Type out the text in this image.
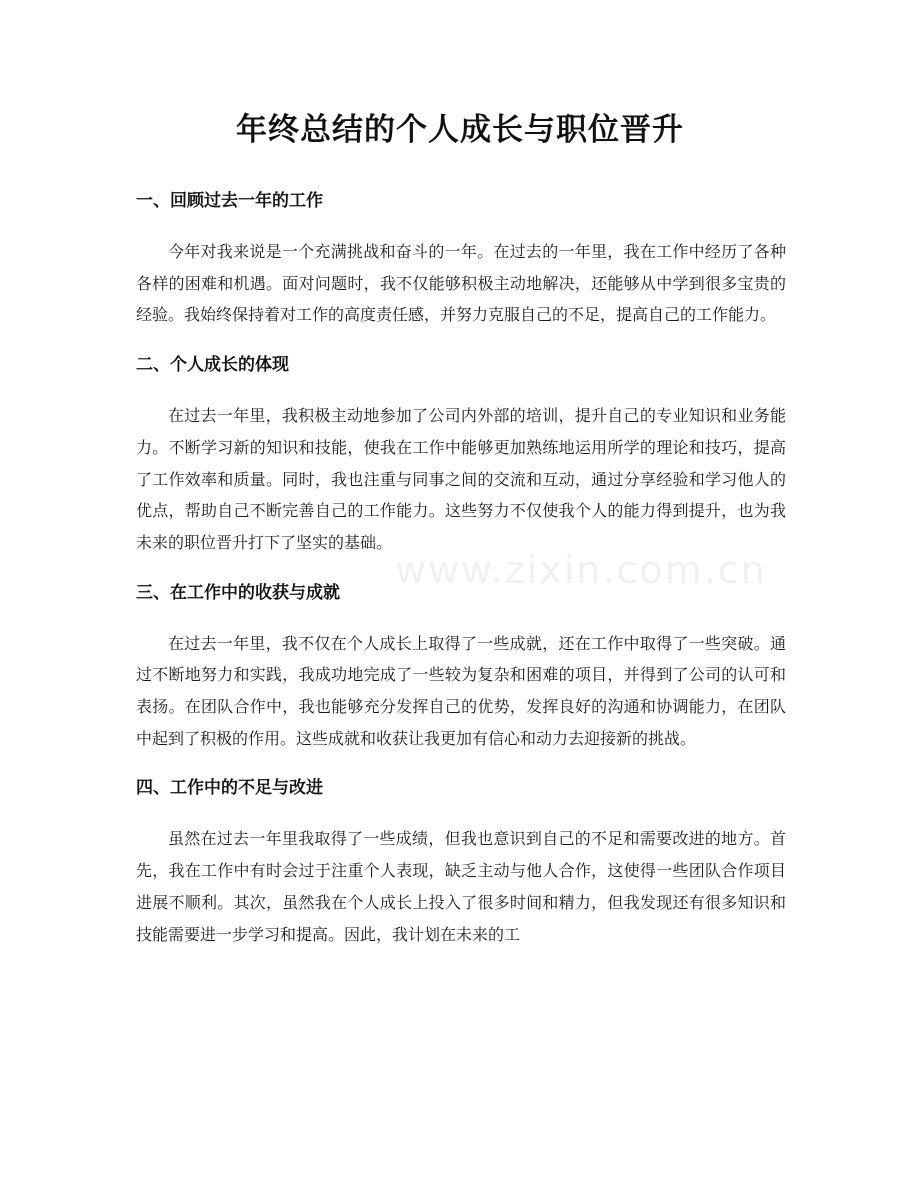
www.zixin.com.cn
年终总结的个人成长与职位晋升
一、回顾过去一年的工作

今年对我来说是一个充满挑战和奋斗的一年。在过去的一年里，我在工作中经历了各种各样的困难和机遇。面对问题时，我不仅能够积极主动地解决，还能够从中学到很多宝贵的经验。我始终保持着对工作的高度责任感，并努力克服自己的不足，提高自己的工作能力。

二、个人成长的体现

在过去一年里，我积极主动地参加了公司内外部的培训，提升自己的专业知识和业务能力。不断学习新的知识和技能，使我在工作中能够更加熟练地运用所学的理论和技巧，提高了工作效率和质量。同时，我也注重与同事之间的交流和互动，通过分享经验和学习他人的优点，帮助自己不断完善自己的工作能力。这些努力不仅使我个人的能力得到提升，也为我未来的职位晋升打下了坚实的基础。

三、在工作中的收获与成就

在过去一年里，我不仅在个人成长上取得了一些成就，还在工作中取得了一些突破。通过不断地努力和实践，我成功地完成了一些较为复杂和困难的项目，并得到了公司的认可和表扬。在团队合作中，我也能够充分发挥自己的优势，发挥良好的沟通和协调能力，在团队中起到了积极的作用。这些成就和收获让我更加有信心和动力去迎接新的挑战。

四、工作中的不足与改进

虽然在过去一年里我取得了一些成绩，但我也意识到自己的不足和需要改进的地方。首先，我在工作中有时会过于注重个人表现，缺乏主动与他人合作，这使得一些团队合作项目进展不顺利。其次，虽然我在个人成长上投入了很多时间和精力，但我发现还有很多知识和技能需要进一步学习和提高。因此，我计划在未来的工
